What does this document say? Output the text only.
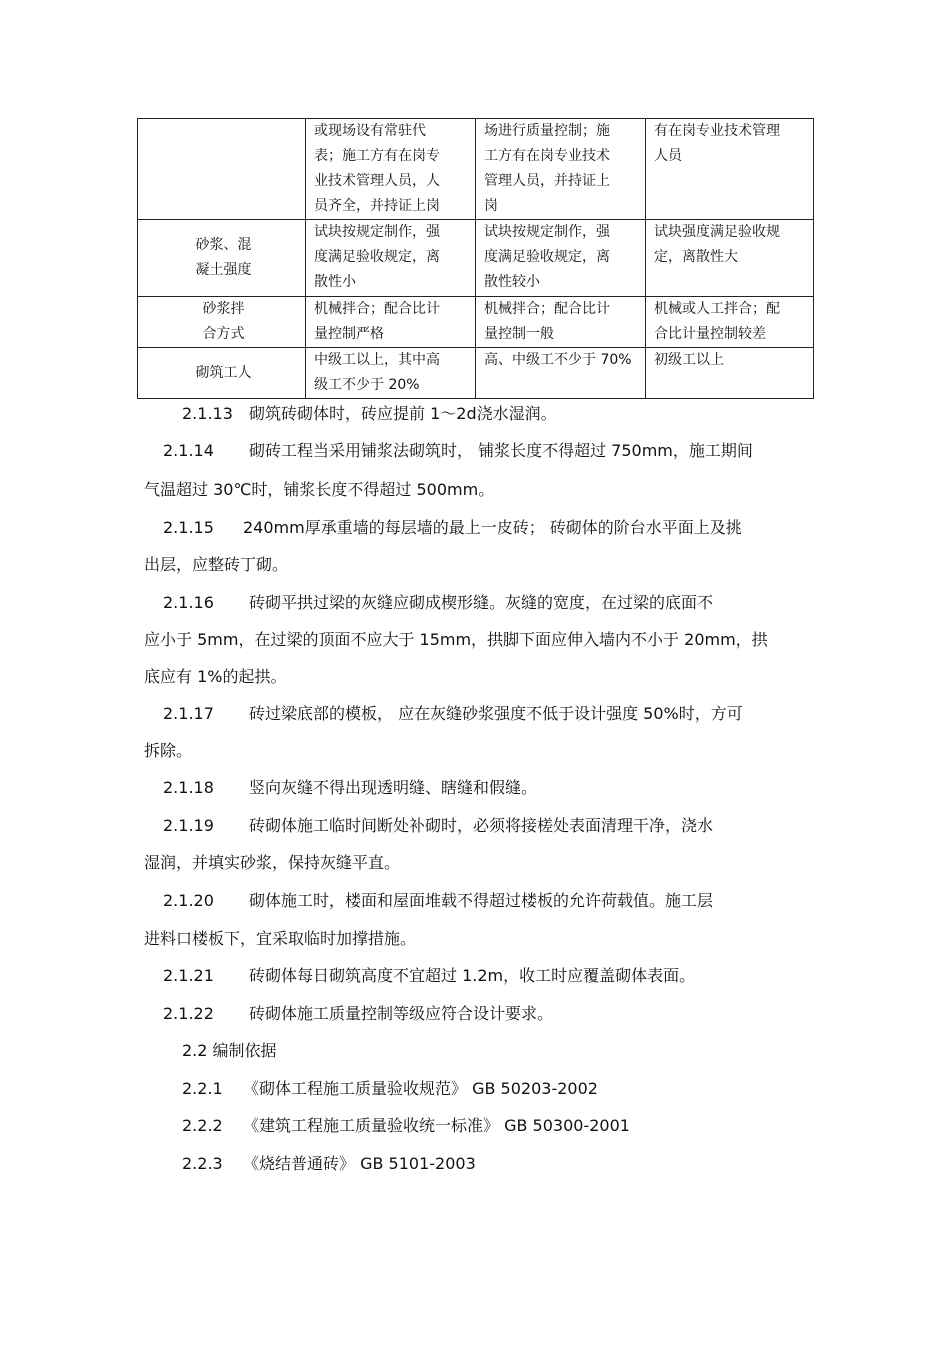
	或现场设有常驻代
表；施工方有在岗专
业技术管理人员，人
员齐全，并持证上岗	场进行质量控制；施
工方有在岗专业技术
管理人员，并持证上
岗	有在岗专业技术管理
人员

砂浆、混
凝土强度	试块按规定制作，强
度满足验收规定，离
散性小	试块按规定制作，强
度满足验收规定，离
散性较小	试块强度满足验收规
定，离散性大

砂浆拌
合方式	机械拌合；配合比计
量控制严格	机械拌合；配合比计
量控制一般	机械或人工拌合；配
合比计量控制较差

砌筑工人	中级工以上，其中高
级工不少于 20%	高、中级工不少于 70%	初级工以上
2.1.13 砌筑砖砌体时，砖应提前 1～2d浇水湿润。
2.1.14 砌砖工程当采用铺浆法砌筑时， 铺浆长度不得超过 750mm，施工期间
气温超过 30℃时，铺浆长度不得超过 500mm。
2.1.15 240mm厚承重墙的每层墙的最上一皮砖； 砖砌体的阶台水平面上及挑
出层，应整砖丁砌。
2.1.16 砖砌平拱过梁的灰缝应砌成楔形缝。灰缝的宽度，在过梁的底面不
应小于 5mm，在过梁的顶面不应大于 15mm，拱脚下面应伸入墙内不小于 20mm，拱
底应有 1%的起拱。
2.1.17 砖过梁底部的模板， 应在灰缝砂浆强度不低于设计强度 50%时，方可
拆除。
2.1.18 竖向灰缝不得出现透明缝、瞎缝和假缝。
2.1.19 砖砌体施工临时间断处补砌时，必须将接槎处表面清理干净，浇水
湿润，并填实砂浆，保持灰缝平直。
2.1.20 砌体施工时，楼面和屋面堆载不得超过楼板的允许荷载值。施工层
进料口楼板下，宜采取临时加撑措施。
2.1.21 砖砌体每日砌筑高度不宜超过 1.2m，收工时应覆盖砌体表面。
2.1.22 砖砌体施工质量控制等级应符合设计要求。
2.2 编制依据
2.2.1 《砌体工程施工质量验收规范》 GB 50203-2002
2.2.2 《建筑工程施工质量验收统一标准》 GB 50300-2001
2.2.3 《烧结普通砖》 GB 5101-2003
